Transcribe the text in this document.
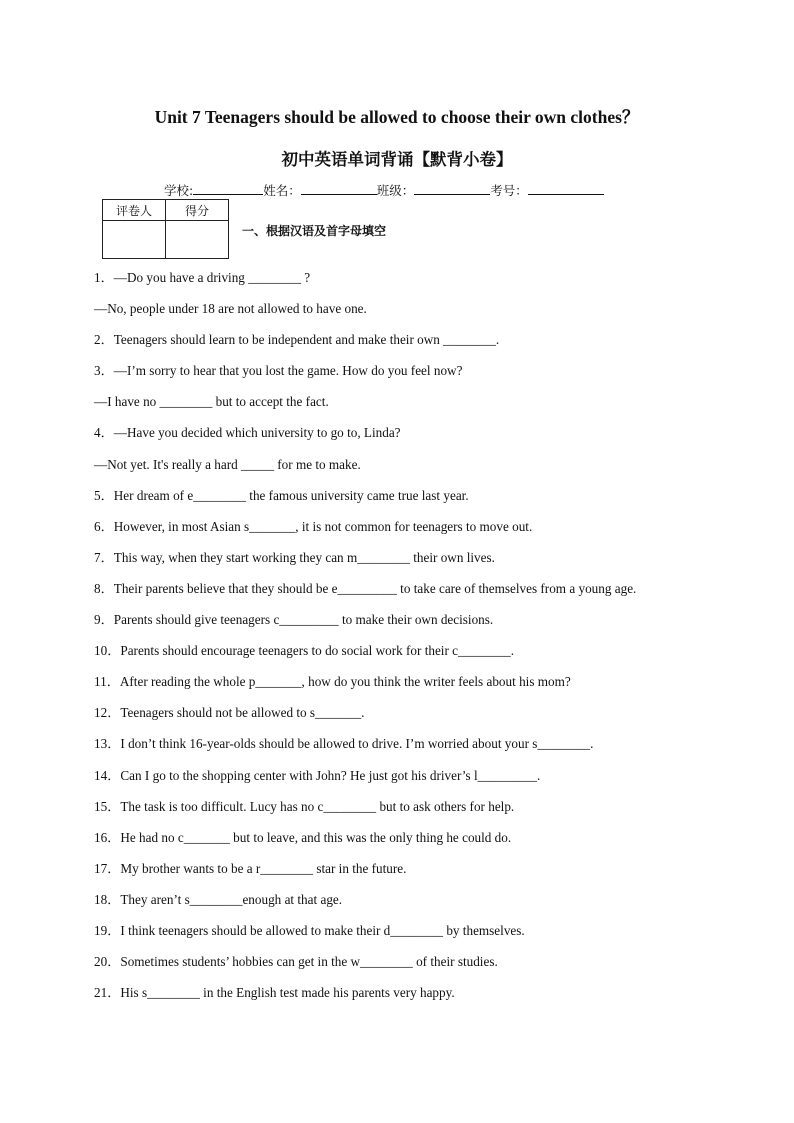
Unit 7 Teenagers should be allowed to choose their own clothes？
初中英语单词背诵【默背小卷】
学校:	姓名：	班级：	考号：
评卷人	得分

一、根据汉语及首字母填空
1．—Do you have a driving ________ ?
—No, people under 18 are not allowed to have one.
2．Teenagers should learn to be independent and make their own ________.
3．—I’m sorry to hear that you lost the game. How do you feel now?
—I have no ________ but to accept the fact.
4．—Have you decided which university to go to, Linda?
—Not yet. It's really a hard _____ for me to make.
5．Her dream of e________ the famous university came true last year.
6．However, in most Asian s_______, it is not common for teenagers to move out.
7．This way, when they start working they can m________ their own lives.
8．Their parents believe that they should be e_________ to take care of themselves from a young age.
9．Parents should give teenagers c_________ to make their own decisions.
10．Parents should encourage teenagers to do social work for their c________.
11．After reading the whole p_______, how do you think the writer feels about his mom?
12．Teenagers should not be allowed to s_______.
13．I don’t think 16-year-olds should be allowed to drive. I’m worried about your s________.
14．Can I go to the shopping center with John? He just got his driver’s l_________.
15．The task is too difficult. Lucy has no c________ but to ask others for help.
16．He had no c_______ but to leave, and this was the only thing he could do.
17．My brother wants to be a r________ star in the future.
18．They aren’t s________enough at that age.
19．I think teenagers should be allowed to make their d________ by themselves.
20．Sometimes students’ hobbies can get in the w________ of their studies.
21．His s________ in the English test made his parents very happy.
